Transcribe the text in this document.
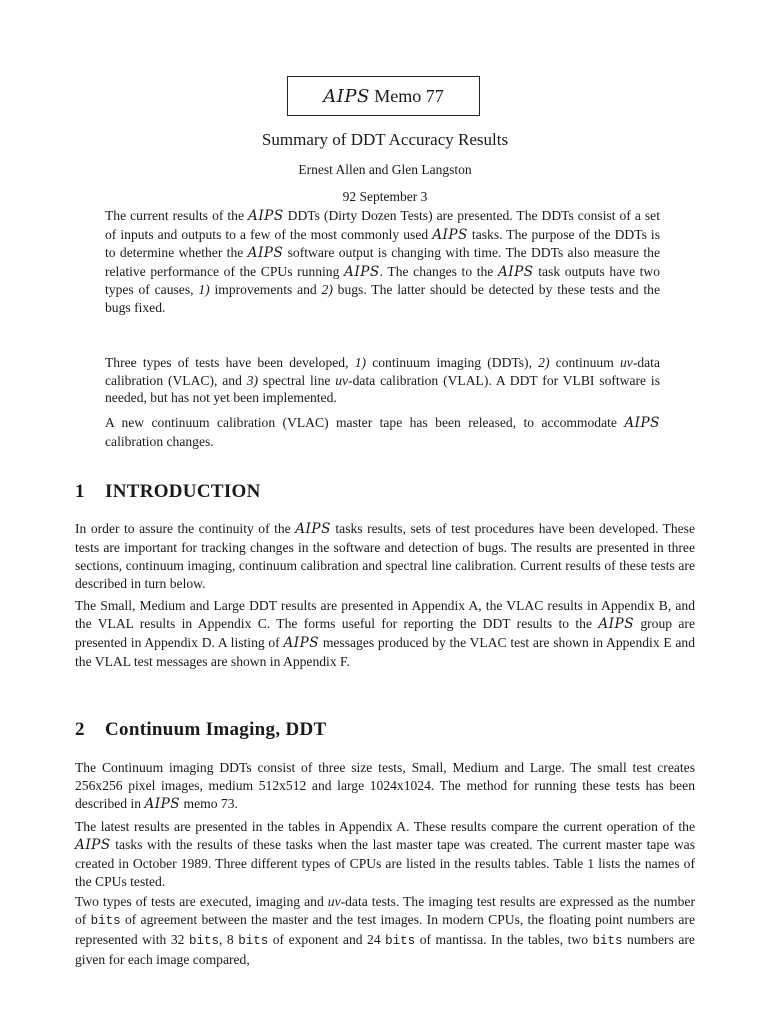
AIPS
Memo 77
Summary of DDT Accuracy Results
Ernest Allen and Glen Langston
92 September 3

The current results of the AIPS DDTs (Dirty Dozen Tests) are presented. The DDTs consist of a set of inputs and outputs to a few of the most commonly used AIPS tasks. The purpose of the DDTs is to determine whether the AIPS software output is changing with time. The DDTs also measure the relative performance of the CPUs running AIPS. The changes to the AIPS task outputs have two types of causes, 1) improvements and 2) bugs. The latter should be detected by these tests and the bugs fixed.

Three types of tests have been developed, 1) continuum imaging (DDTs), 2) continuum uv-data calibration (VLAC), and 3) spectral line uv-data calibration (VLAL). A DDT for VLBI software is needed, but has not yet been implemented.

A new continuum calibration (VLAC) master tape has been released, to accommodate AIPS calibration changes.

1 INTRODUCTION

In order to assure the continuity of the AIPS tasks results, sets of test procedures have been developed. These tests are important for tracking changes in the software and detection of bugs. The results are presented in three sections, continuum imaging, continuum calibration and spectral line calibration. Current results of these tests are described in turn below.

The Small, Medium and Large DDT results are presented in Appendix A, the VLAC results in Appendix B, and the VLAL results in Appendix C. The forms useful for reporting the DDT results to the AIPS group are presented in Appendix D. A listing of AIPS messages produced by the VLAC test are shown in Appendix E and the VLAL test messages are shown in Appendix F.

2 Continuum Imaging, DDT

The Continuum imaging DDTs consist of three size tests, Small, Medium and Large. The small test creates 256x256 pixel images, medium 512x512 and large 1024x1024. The method for running these tests has been described in AIPS memo 73.

The latest results are presented in the tables in Appendix A. These results compare the current operation of the AIPS tasks with the results of these tasks when the last master tape was created. The current master tape was created in October 1989. Three different types of CPUs are listed in the results tables. Table 1 lists the names of the CPUs tested.

Two types of tests are executed, imaging and uv-data tests. The imaging test results are expressed as the number of bits of agreement between the master and the test images. In modern CPUs, the floating point numbers are represented with 32 bits, 8 bits of exponent and 24 bits of mantissa. In the tables, two bits numbers are given for each image compared,
